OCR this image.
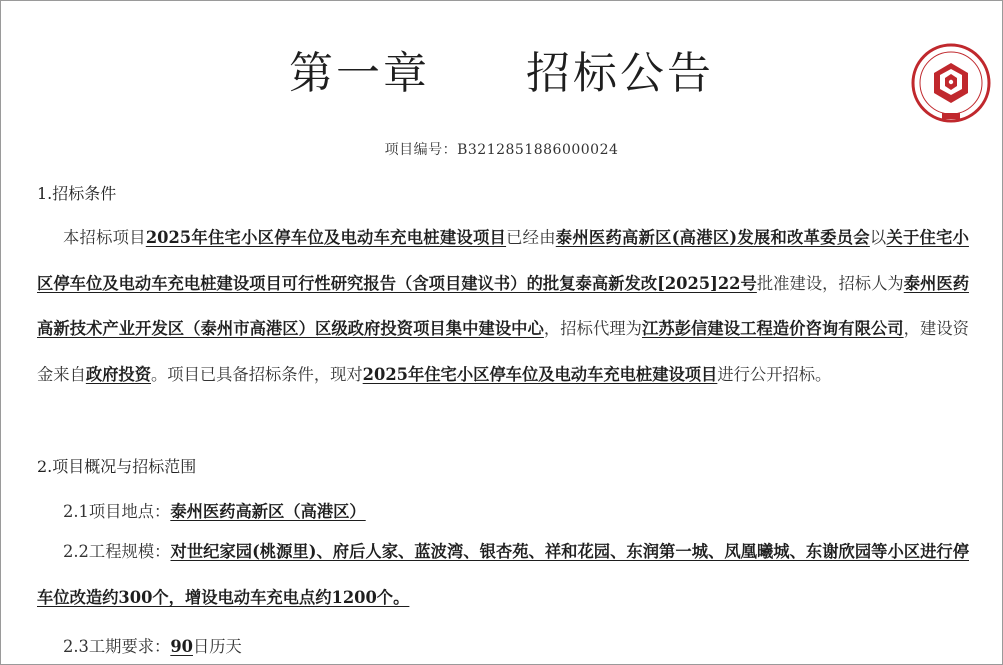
第一章 招标公告
项目编号：B3212851886000024
1.招标条件
本招标项目2025年住宅小区停车位及电动车充电桩建设项目已经由泰州医药高新区(高港区)发展和改革委员会以关于住宅小区停车位及电动车充电桩建设项目可行性研究报告（含项目建议书）的批复泰高新发改[2025]22号批准建设，招标人为泰州医药高新技术产业开发区（泰州市高港区）区级政府投资项目集中建设中心，招标代理为江苏彭信建设工程造价咨询有限公司，建设资金来自政府投资。项目已具备招标条件，现对2025年住宅小区停车位及电动车充电桩建设项目进行公开招标。
2.项目概况与招标范围
2.1项目地点：泰州医药高新区（高港区）
2.2工程规模：对世纪家园(桃源里)、府后人家、蓝波湾、银杏苑、祥和花园、东润第一城、凤凰曦城、东谢欣园等小区进行停车位改造约300个，增设电动车充电点约1200个。
2.3工期要求：90日历天
